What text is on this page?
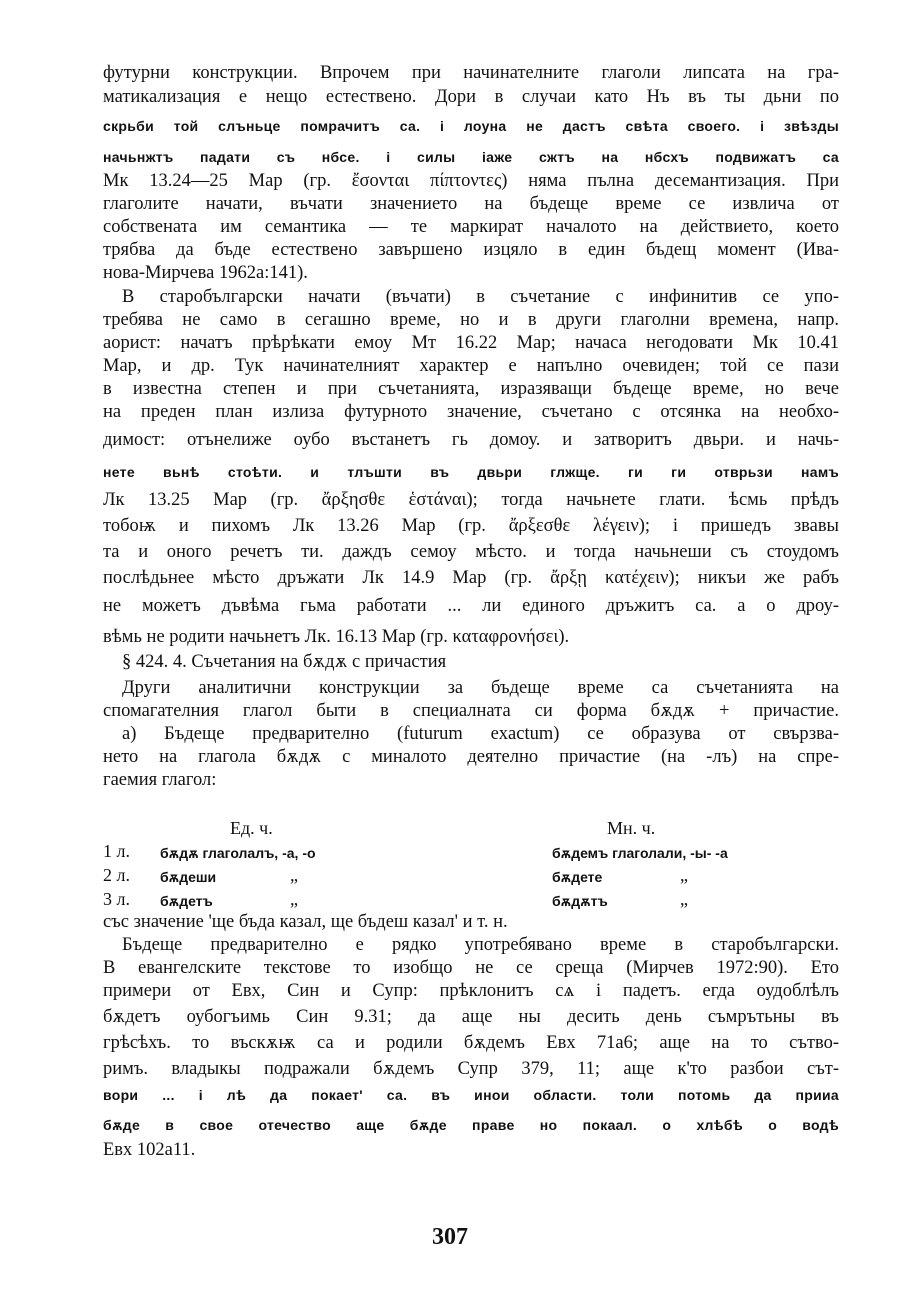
футурни конструкции. Впрочем при начинателните глаголи липсата на гра-
матикализация е нещо естествено. Дори в случаи като Нъ въ ты дьни по
скрьби той слъньце помрачитъ са. і лоуна не дастъ свѣта своего. і звѣзды
начьнжтъ падати съ нбсе. і силы іаже сжтъ на нбсхъ подвижатъ са
Мк 13.24—25 Мар (гр. ἔσονται πίπτοντες) няма пълна десемантизация. При
глаголите начати, въчати значението на бъдеще време се извлича от
собствената им семантика — те маркират началото на действието, което
трябва да бъде естествено завършено изцяло в един бъдещ момент (Ива-
нова-Мирчева 1962а:141).
В старобългарски начати (въчати) в съчетание с инфинитив се упо-
требява не само в сегашно време, но и в други глаголни времена, напр.
аорист: начатъ прѣрѣкати емоу Мт 16.22 Мар; начаса негодовати Мк 10.41
Мар, и др. Тук начинателният характер е напълно очевиден; той се пази
в известна степен и при съчетанията, изразяващи бъдеще време, но вече
на преден план излиза футурното значение, съчетано с отсянка на необхо-
димост: отънелиже оубо въстанетъ гь домоу. и затворитъ двьри. и начь-
нете вьнѣ стоѣти. и тлъшти въ двьри глжще. ги ги отврьзи намъ
Лк 13.25 Мар (гр. ἄρξησθε ἑστάναι); тогда начьнете глати. ѣсмь прѣдъ
тобоѭ и пихомъ Лк 13.26 Мар (гр. ἄρξεσθε λέγειν); і пришедъ звавы
та и оного речетъ ти. даждъ семоу мѣсто. и тогда начьнеши съ стоудомъ
послѣдьнее мѣсто дръжати Лк 14.9 Мар (гр. ἄρξῃ κατέχειν); никъи же рабъ
не можетъ дъвѣма гьма работати ... ли единого дръжитъ са. а о дроу-
вѣмь не родити начьнетъ Лк. 16.13 Мар (гр. καταφρονήσει).
§ 424. 4. Съчетания на бѫдѫ с причастия
Други аналитични конструкции за бъдеще време са съчетанията на
спомагателния глагол быти в специалната си форма бѫдѫ + причастие.
а) Бъдеще предварително (futurum exactum) се образува от свързва-
нето на глагола бѫдѫ с миналото деятелно причастие (на -лъ) на спре-
гаемия глагол:
със значение 'ще бъда казал, ще бъдеш казал' и т. н.
Бъдеще предварително е рядко употребявано време в старобългарски.
В евангелските текстове то изобщо не се среща (Мирчев 1972:90). Ето
примери от Евх, Син и Супр: прѣклонитъ сѧ і падетъ. егда оудоблѣлъ
бѫдетъ оубогъимь Син 9.31; да аще ны десить день съмрътьны въ
грѣсѣхъ. то въскѫѭ са и родили бѫдемъ Евх 71а6; аще на то сътво-
римъ. владыкы подражали бѫдемъ Супр 379, 11; аще к'то разбои сът-
вори ... і лѣ да покает' са. въ инои области. толи потомь да прииа
бѫде в свое отечество аще бѫде праве но покаал. о хлѣбѣ о водѣ
Евх 102а11.
Ед. ч.	Мн. ч.
1 л. бѫдѫ глаголалъ, -а, -о	бѫдемъ глаголали, -ы- -а
2 л. бѫдеши	„	бѫдете	„
3 л. бѫдетъ	„	бѫдѫтъ	„
307
